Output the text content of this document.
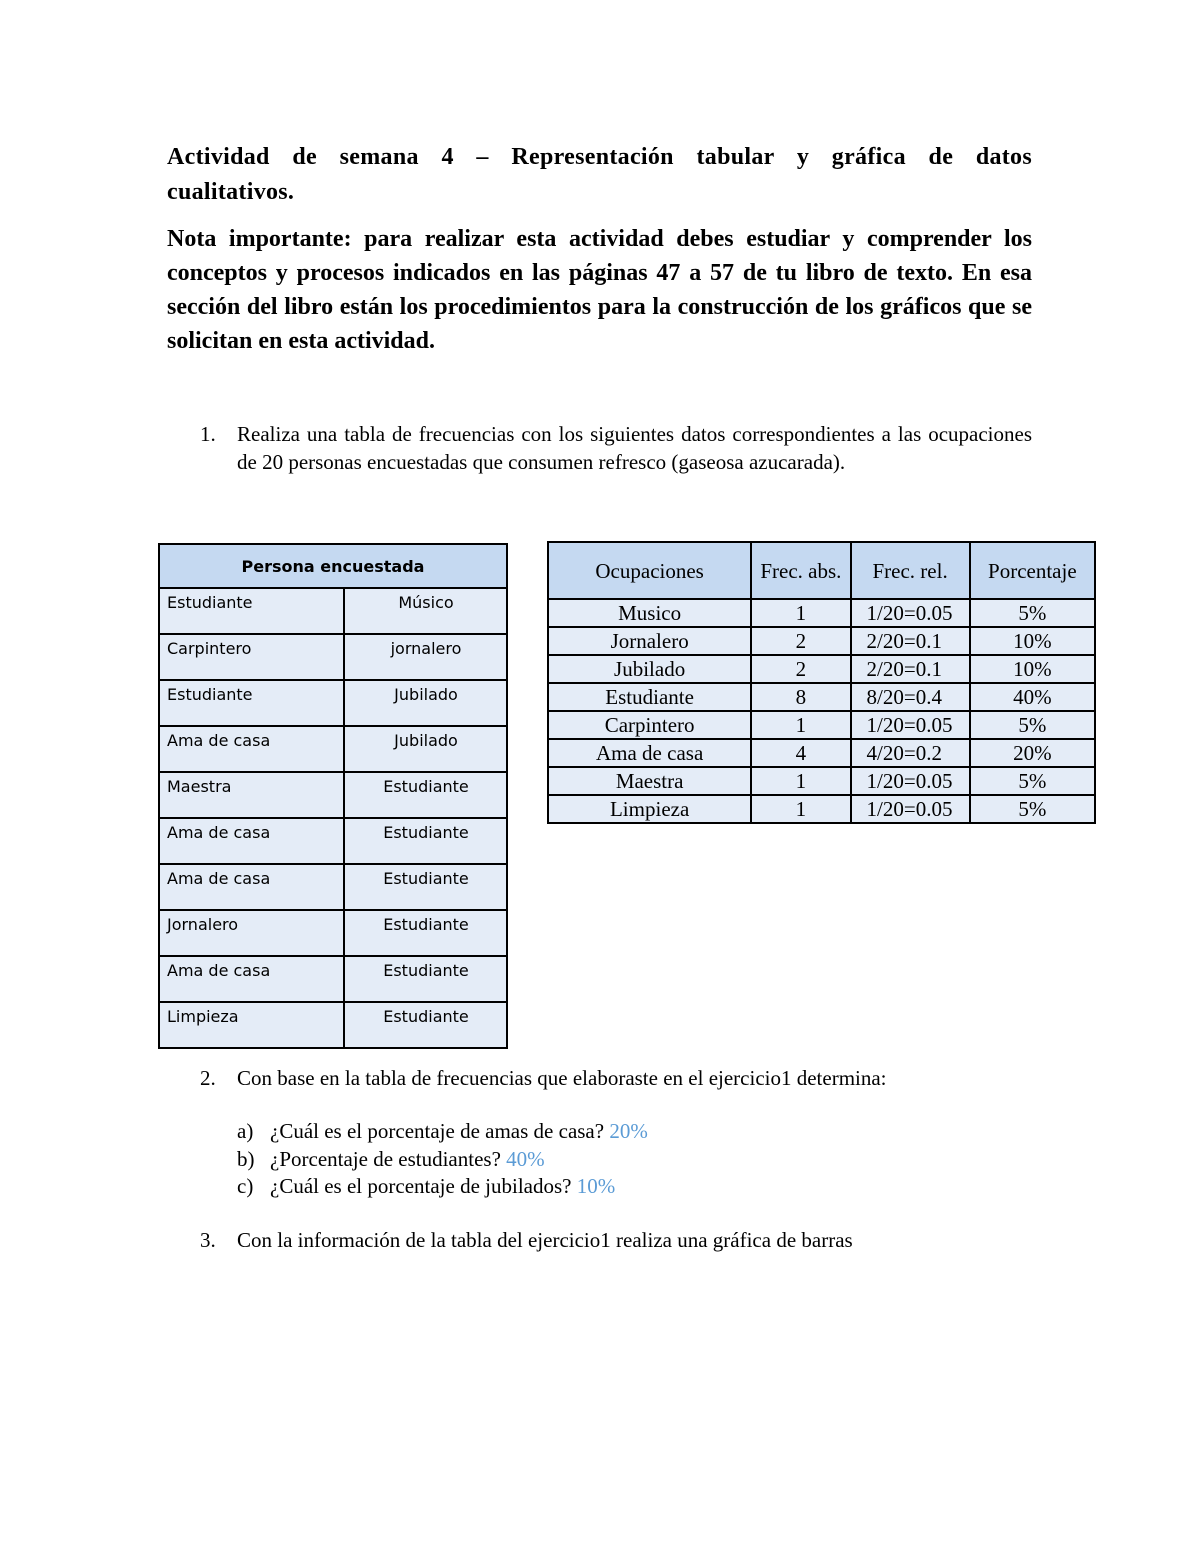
Actividad de semana 4 – Representación tabular y gráfica de datos
cualitativos.
Nota importante: para realizar esta actividad debes estudiar y comprender los conceptos y procesos indicados en las páginas 47 a 57 de tu libro de texto. En esa sección del libro están los procedimientos para la construcción de los gráficos que se solicitan en esta actividad.
1. Realiza una tabla de frecuencias con los siguientes datos correspondientes a las ocupaciones de 20 personas encuestadas que consumen refresco (gaseosa azucarada).
Persona encuestada	
Estudiante	Músico
Carpintero	jornalero
Estudiante	Jubilado
Ama de casa	Jubilado
Maestra	Estudiante
Ama de casa	Estudiante
Ama de casa	Estudiante
Jornalero	Estudiante
Ama de casa	Estudiante
Limpieza	Estudiante
Ocupaciones	Frec. abs.	Frec. rel.	Porcentaje
Musico	1	1/20=0.05	5%
Jornalero	2	2/20=0.1	10%
Jubilado	2	2/20=0.1	10%
Estudiante	8	8/20=0.4	40%
Carpintero	1	1/20=0.05	5%
Ama de casa	4	4/20=0.2	20%
Maestra	1	1/20=0.05	5%
Limpieza	1	1/20=0.05	5%
2. Con base en la tabla de frecuencias que elaboraste en el ejercicio1 determina:
a) ¿Cuál es el porcentaje de amas de casa? 20%
b) ¿Porcentaje de estudiantes? 40%
c) ¿Cuál es el porcentaje de jubilados? 10%
3. Con la información de la tabla del ejercicio1 realiza una gráfica de barras
